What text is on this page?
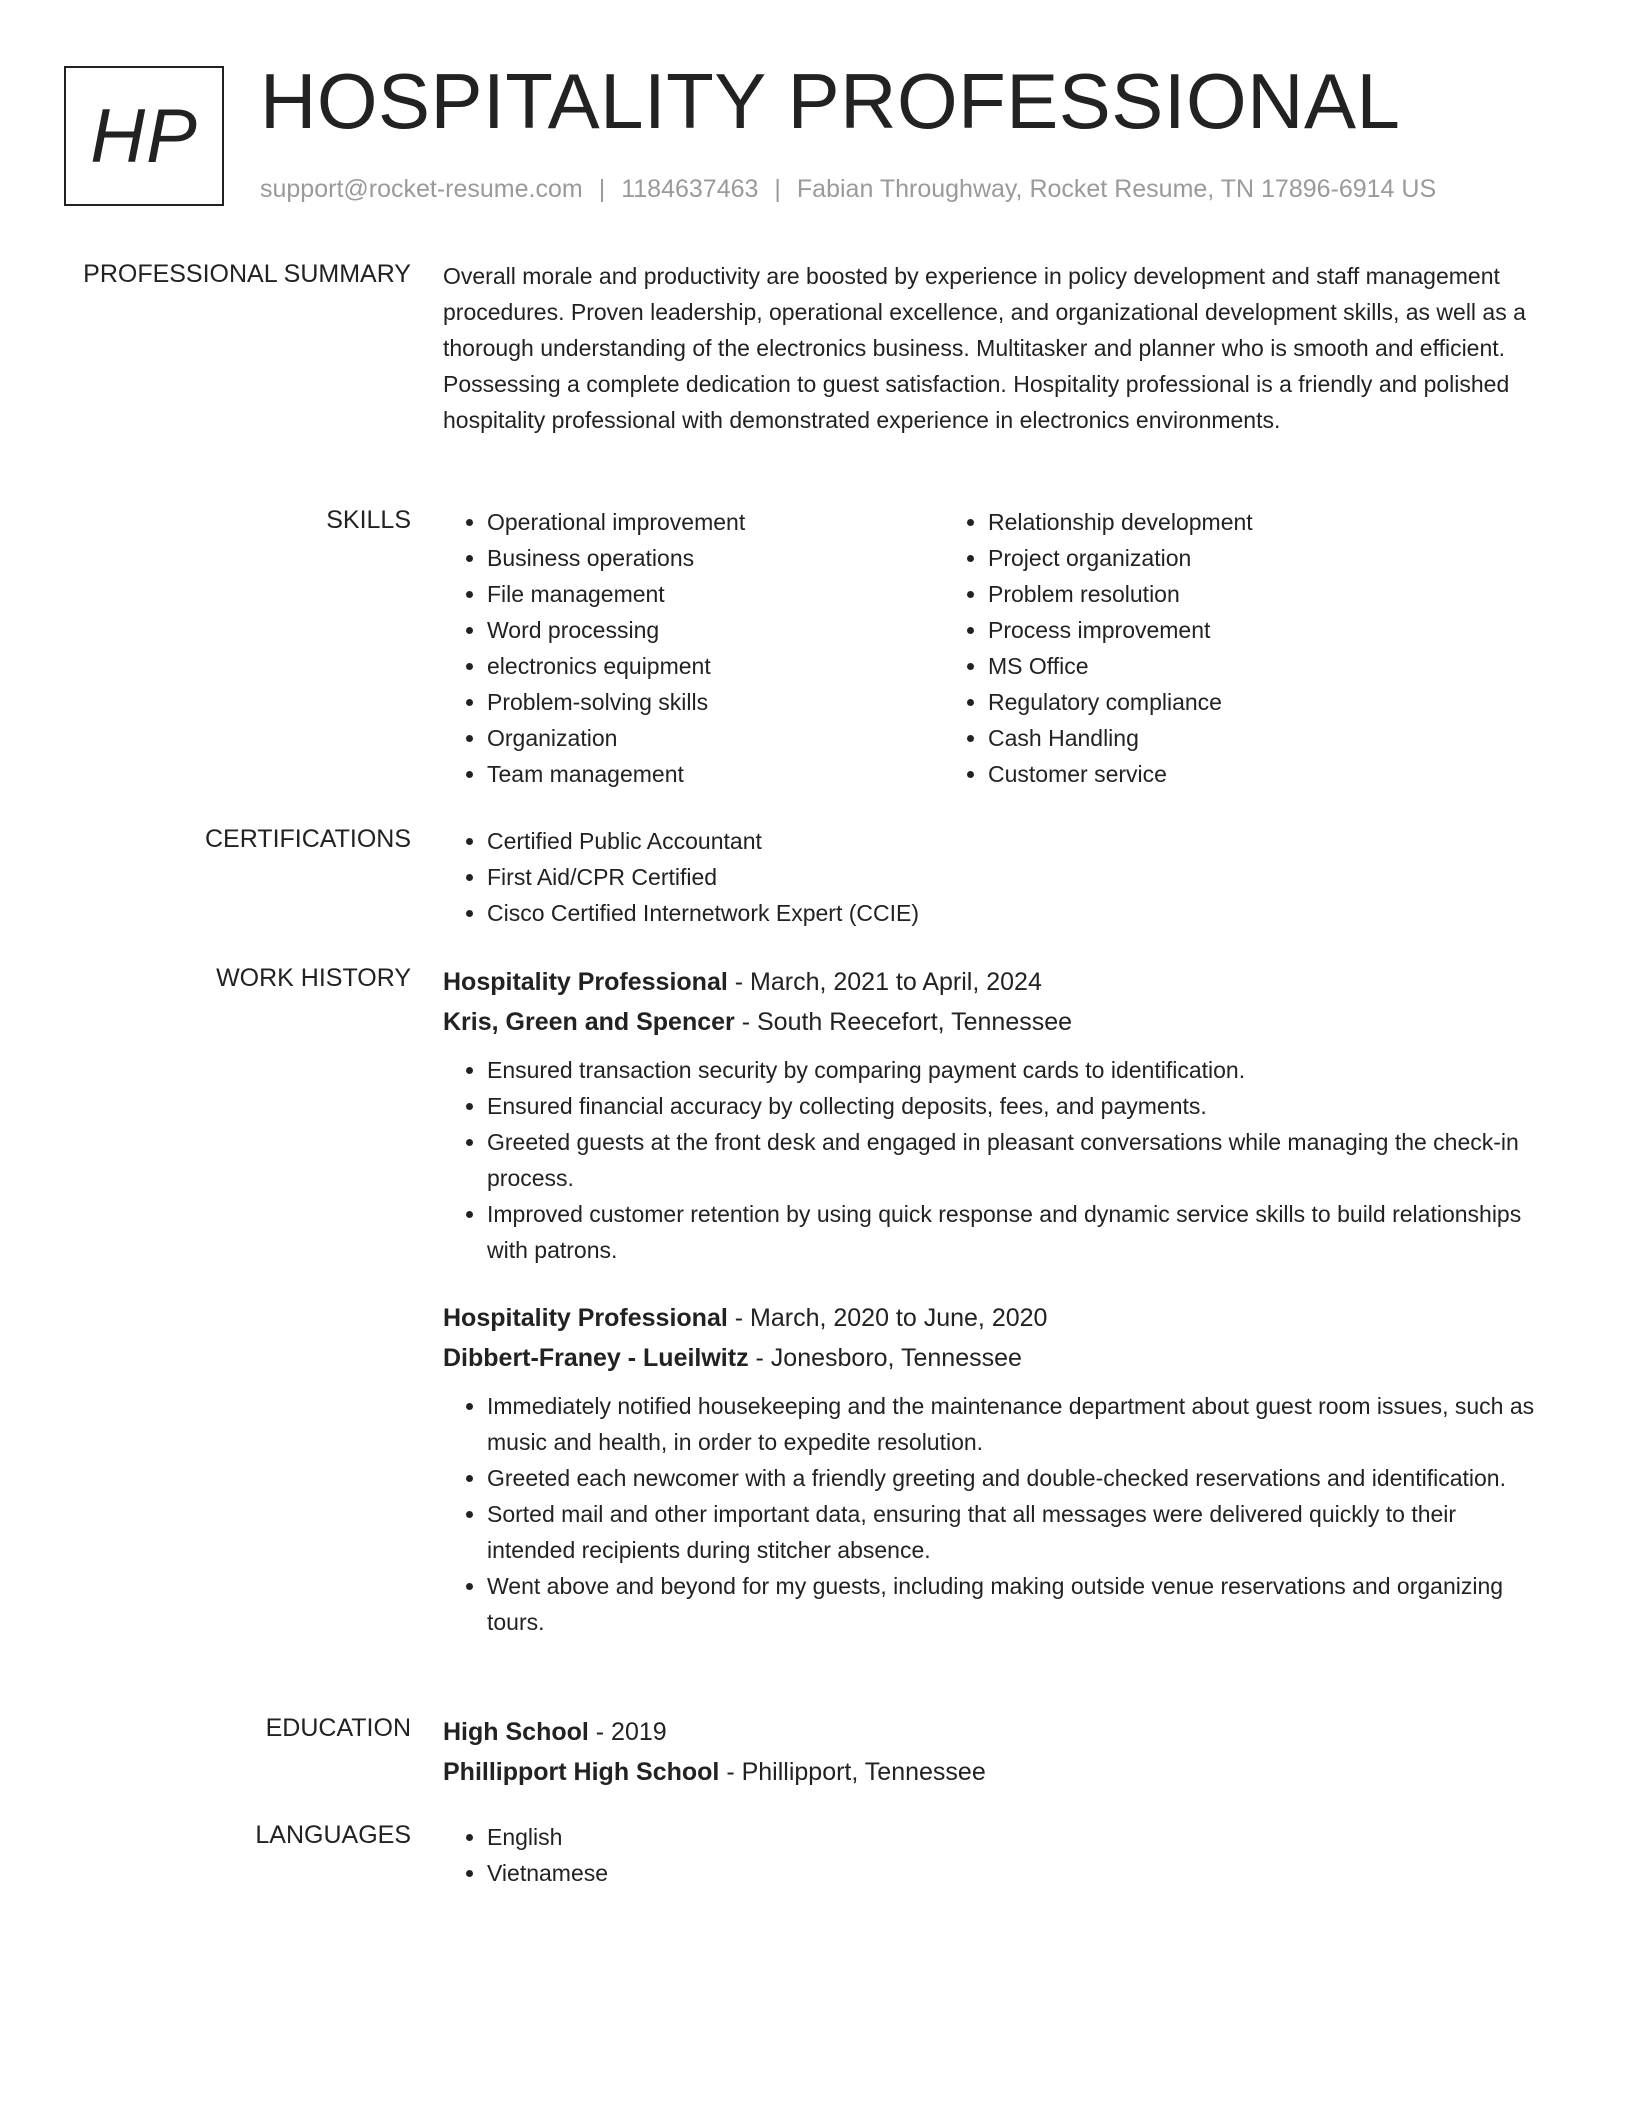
HP HOSPITALITY PROFESSIONAL
support@rocket-resume.com | 1184637463 | Fabian Throughway, Rocket Resume, TN 17896-6914 US
PROFESSIONAL SUMMARY Overall morale and productivity are boosted by experience in policy development and staff management procedures. Proven leadership, operational excellence, and organizational development skills, as well as a thorough understanding of the electronics business. Multitasker and planner who is smooth and efficient. Possessing a complete dedication to guest satisfaction. Hospitality professional is a friendly and polished hospitality professional with demonstrated experience in electronics environments.

SKILLS	• Operational improvement
• Business operations
• File management
• Word processing
• electronics equipment
• Problem-solving skills
• Organization
• Team management
• Relationship development
• Project organization
• Problem resolution
• Process improvement
• MS Office
• Regulatory compliance
• Cash Handling
• Customer service
CERTIFICATIONS	• Certified Public Accountant
• First Aid/CPR Certified
• Cisco Certified Internetwork Expert (CCIE)
WORK HISTORY Hospitality Professional - March, 2021 to April, 2024
Kris, Green and Spencer - South Reecefort, Tennessee
• Ensured transaction security by comparing payment cards to identification.
• Ensured financial accuracy by collecting deposits, fees, and payments.
• Greeted guests at the front desk and engaged in pleasant conversations while managing the check-in process.
• Improved customer retention by using quick response and dynamic service skills to build relationships with patrons.
Hospitality Professional - March, 2020 to June, 2020
Dibbert-Franey - Lueilwitz - Jonesboro, Tennessee
• Immediately notified housekeeping and the maintenance department about guest room issues, such as music and health, in order to expedite resolution.
• Greeted each newcomer with a friendly greeting and double-checked reservations and identification.
• Sorted mail and other important data, ensuring that all messages were delivered quickly to their intended recipients during stitcher absence.
• Went above and beyond for my guests, including making outside venue reservations and organizing tours.
EDUCATION High School - 2019
Phillipport High School - Phillipport, Tennessee
LANGUAGES	• English
• Vietnamese
